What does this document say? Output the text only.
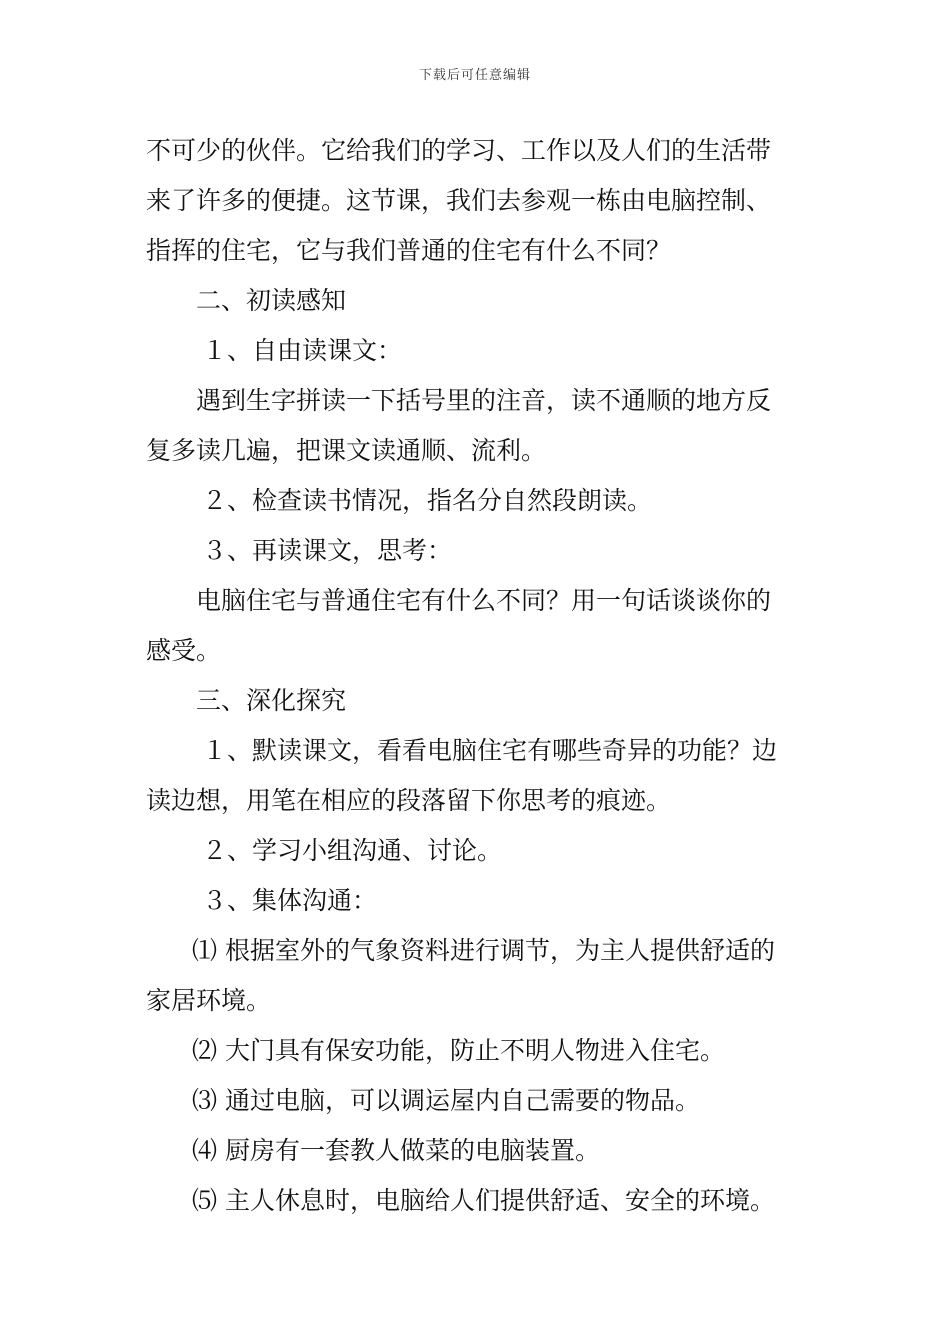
下载后可任意编辑
不可少的伙伴。它给我们的学习、工作以及人们的生活带
来了许多的便捷。这节课，我们去参观一栋由电脑控制、
指挥的住宅，它与我们普通的住宅有什么不同？
二、初读感知
１、自由读课文：
遇到生字拼读一下括号里的注音，读不通顺的地方反
复多读几遍，把课文读通顺、流利。
２、检查读书情况，指名分自然段朗读。
３、再读课文，思考：
电脑住宅与普通住宅有什么不同？用一句话谈谈你的
感受。
三、深化探究
１、默读课文，看看电脑住宅有哪些奇异的功能？边
读边想，用笔在相应的段落留下你思考的痕迹。
２、学习小组沟通、讨论。
３、集体沟通：
⑴ 根据室外的气象资料进行调节，为主人提供舒适的
家居环境。
⑵ 大门具有保安功能，防止不明人物进入住宅。
⑶ 通过电脑，可以调运屋内自己需要的物品。
⑷ 厨房有一套教人做菜的电脑装置。
⑸ 主人休息时，电脑给人们提供舒适、安全的环境。
